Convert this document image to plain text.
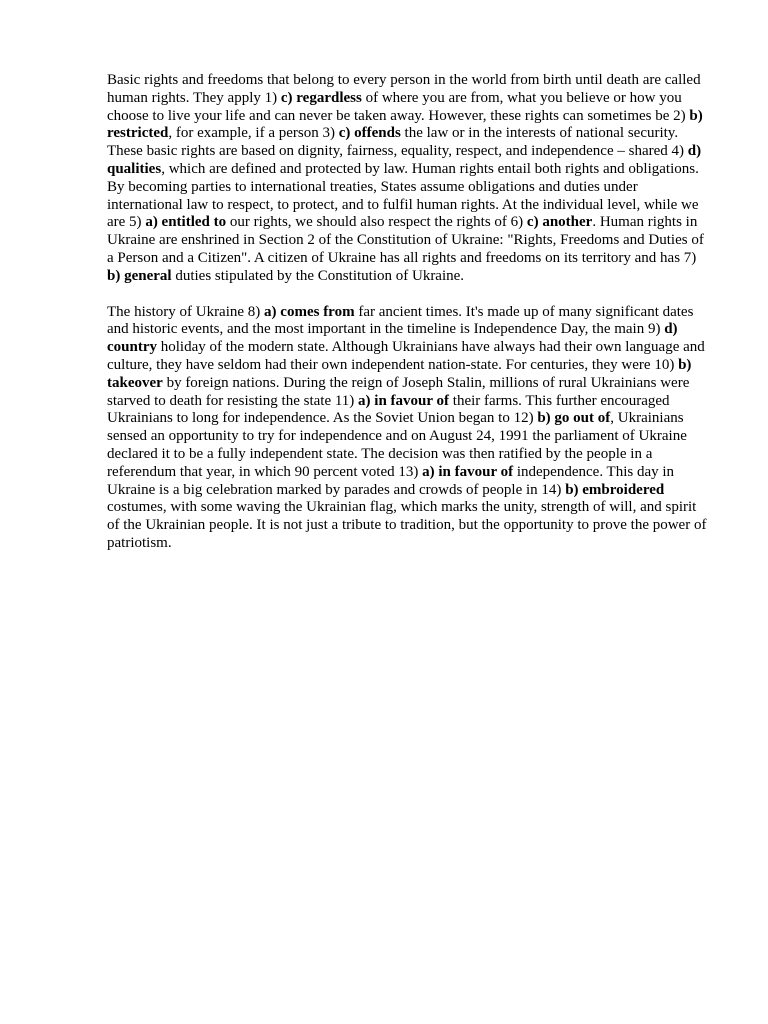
Basic rights and freedoms that belong to every person in the world from birth until death are called human rights. They apply 1) c) regardless of where you are from, what you believe or how you choose to live your life and can never be taken away. However, these rights can sometimes be 2) b) restricted, for example, if a person 3) c) offends the law or in the interests of national security. These basic rights are based on dignity, fairness, equality, respect, and independence – shared 4) d) qualities, which are defined and protected by law. Human rights entail both rights and obligations. By becoming parties to international treaties, States assume obligations and duties under international law to respect, to protect, and to fulfil human rights. At the individual level, while we are 5) a) entitled to our rights, we should also respect the rights of 6) c) another. Human rights in Ukraine are enshrined in Section 2 of the Constitution of Ukraine: "Rights, Freedoms and Duties of a Person and a Citizen". A citizen of Ukraine has all rights and freedoms on its territory and has 7) b) general duties stipulated by the Constitution of Ukraine.

The history of Ukraine 8) a) comes from far ancient times. It's made up of many significant dates and historic events, and the most important in the timeline is Independence Day, the main 9) d) country holiday of the modern state. Although Ukrainians have always had their own language and culture, they have seldom had their own independent nation-state. For centuries, they were 10) b) takeover by foreign nations. During the reign of Joseph Stalin, millions of rural Ukrainians were starved to death for resisting the state 11) a) in favour of their farms. This further encouraged Ukrainians to long for independence. As the Soviet Union began to 12) b) go out of, Ukrainians sensed an opportunity to try for independence and on August 24, 1991 the parliament of Ukraine declared it to be a fully independent state. The decision was then ratified by the people in a referendum that year, in which 90 percent voted 13) a) in favour of independence. This day in Ukraine is a big celebration marked by parades and crowds of people in 14) b) embroidered costumes, with some waving the Ukrainian flag, which marks the unity, strength of will, and spirit of the Ukrainian people. It is not just a tribute to tradition, but the opportunity to prove the power of patriotism.
